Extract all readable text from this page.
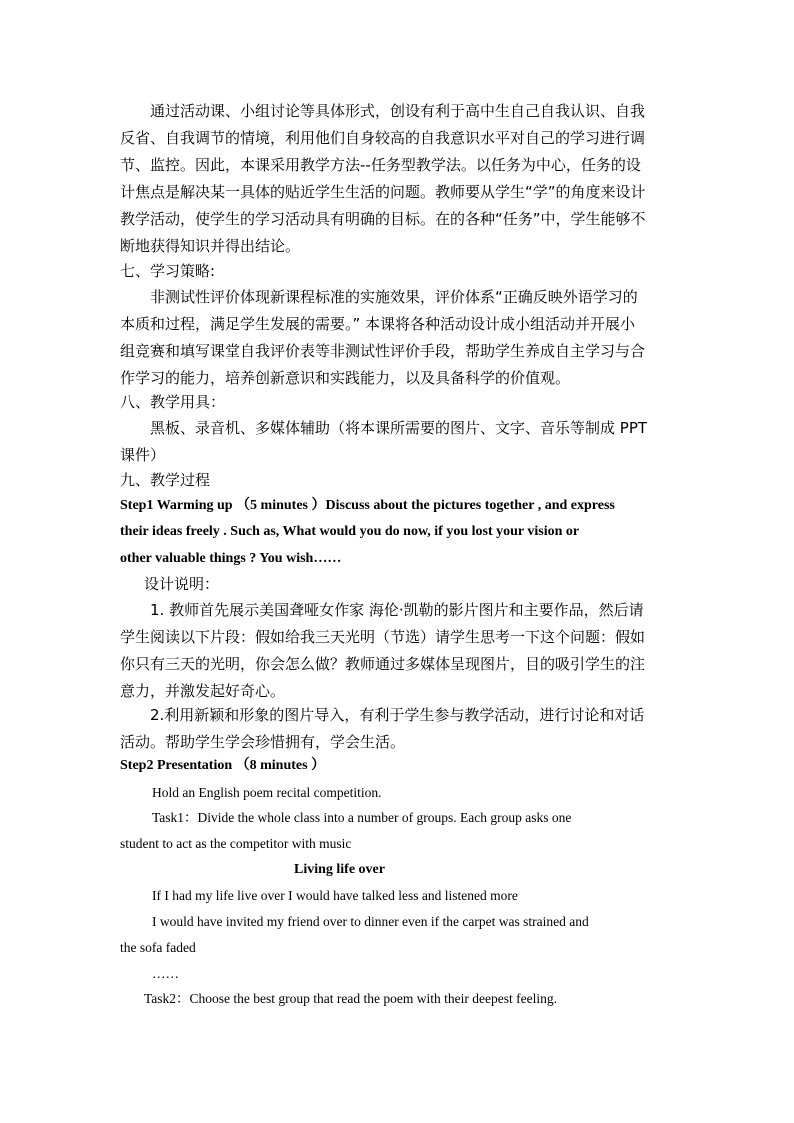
通过活动课、小组讨论等具体形式，创设有利于高中生自己自我认识、自我
反省、自我调节的情境，利用他们自身较高的自我意识水平对自己的学习进行调
节、监控。因此，本课采用教学方法--任务型教学法。以任务为中心，任务的设
计焦点是解决某一具体的贴近学生生活的问题。教师要从学生“学”的角度来设计
教学活动，使学生的学习活动具有明确的目标。在的各种“任务”中，学生能够不
断地获得知识并得出结论。
七、学习策略:
非测试性评价体现新课程标准的实施效果，评价体系“正确反映外语学习的
本质和过程，满足学生发展的需要。” 本课将各种活动设计成小组活动并开展小
组竞赛和填写课堂自我评价表等非测试性评价手段，帮助学生养成自主学习与合
作学习的能力，培养创新意识和实践能力，以及具备科学的价值观。
八、教学用具：
黑板、录音机、多媒体辅助（将本课所需要的图片、文字、音乐等制成 PPT
课件）
九、教学过程
Step1 Warming up （5 minutes ）Discuss about the pictures together , and express
their ideas freely . Such as, What would you do now, if you lost your vision or
other valuable things ? You wish……
设计说明：
1. 教师首先展示美国聋哑女作家 海伦·凯勒的影片图片和主要作品，然后请
学生阅读以下片段：假如给我三天光明（节选）请学生思考一下这个问题：假如
你只有三天的光明，你会怎么做？教师通过多媒体呈现图片，目的吸引学生的注
意力，并激发起好奇心。
2.利用新颖和形象的图片导入，有利于学生参与教学活动，进行讨论和对话
活动。帮助学生学会珍惜拥有，学会生活。
Step2 Presentation （8 minutes ）
Hold an English poem recital competition.
Task1：Divide the whole class into a number of groups. Each group asks one
student to act as the competitor with music
Living life over
If I had my life live over I would have talked less and listened more
I would have invited my friend over to dinner even if the carpet was strained and
the sofa faded
……
Task2：Choose the best group that read the poem with their deepest feeling.
